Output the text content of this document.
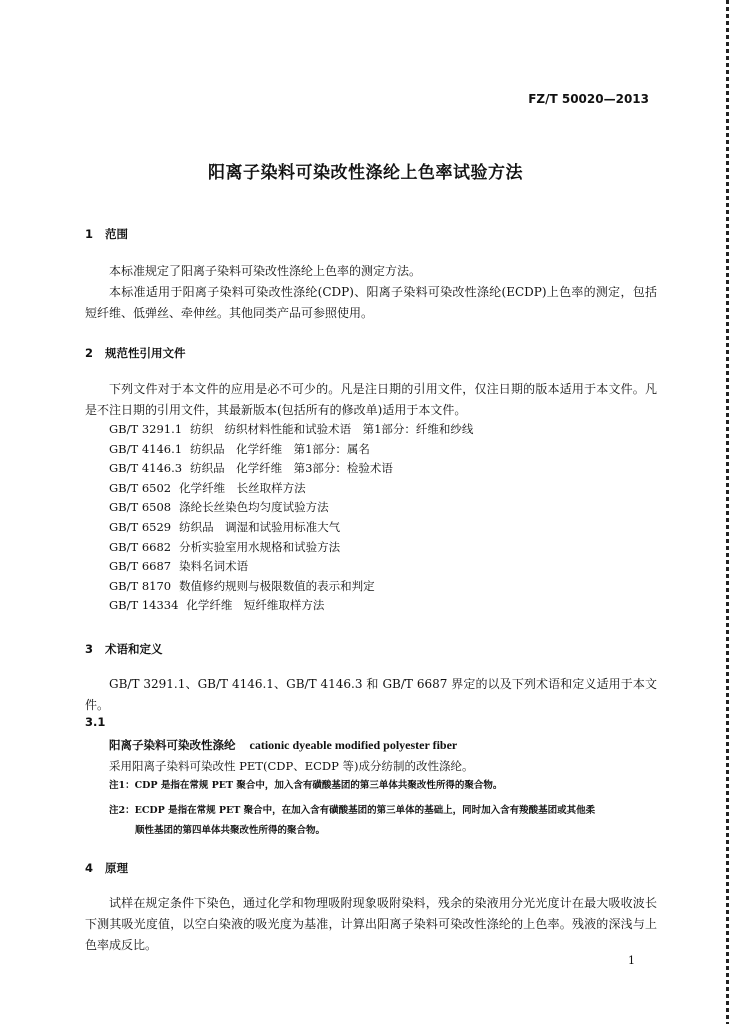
FZ/T 50020—2013
阳离子染料可染改性涤纶上色率试验方法
1 范围
本标准规定了阳离子染料可染改性涤纶上色率的测定方法。
本标准适用于阳离子染料可染改性涤纶(CDP)、阳离子染料可染改性涤纶(ECDP)上色率的测定，包括短纤维、低弹丝、牵伸丝。其他同类产品可参照使用。
2 规范性引用文件
下列文件对于本文件的应用是必不可少的。凡是注日期的引用文件，仅注日期的版本适用于本文件。凡是不注日期的引用文件，其最新版本(包括所有的修改单)适用于本文件。
GB/T 3291.1 纺织　纺织材料性能和试验术语　第1部分：纤维和纱线
GB/T 4146.1 纺织品　化学纤维　第1部分：属名
GB/T 4146.3 纺织品　化学纤维　第3部分：检验术语
GB/T 6502 化学纤维　长丝取样方法
GB/T 6508 涤纶长丝染色均匀度试验方法
GB/T 6529 纺织品　调湿和试验用标准大气
GB/T 6682 分析实验室用水规格和试验方法
GB/T 6687 染料名词术语
GB/T 8170 数值修约规则与极限数值的表示和判定
GB/T 14334 化学纤维　短纤维取样方法
3 术语和定义
GB/T 3291.1、GB/T 4146.1、GB/T 4146.3 和 GB/T 6687 界定的以及下列术语和定义适用于本文件。
3.1
阳离子染料可染改性涤纶 cationic dyeable modified polyester fiber
采用阳离子染料可染改性 PET(CDP、ECDP 等)成分纺制的改性涤纶。
注1：CDP 是指在常规 PET 聚合中，加入含有磺酸基团的第三单体共聚改性所得的聚合物。
注2：ECDP 是指在常规 PET 聚合中，在加入含有磺酸基团的第三单体的基础上，同时加入含有羧酸基团或其他柔
顺性基团的第四单体共聚改性所得的聚合物。
4 原理
试样在规定条件下染色，通过化学和物理吸附现象吸附染料，残余的染液用分光光度计在最大吸收波长下测其吸光度值，以空白染液的吸光度为基准，计算出阳离子染料可染改性涤纶的上色率。残液的深浅与上色率成反比。
1
